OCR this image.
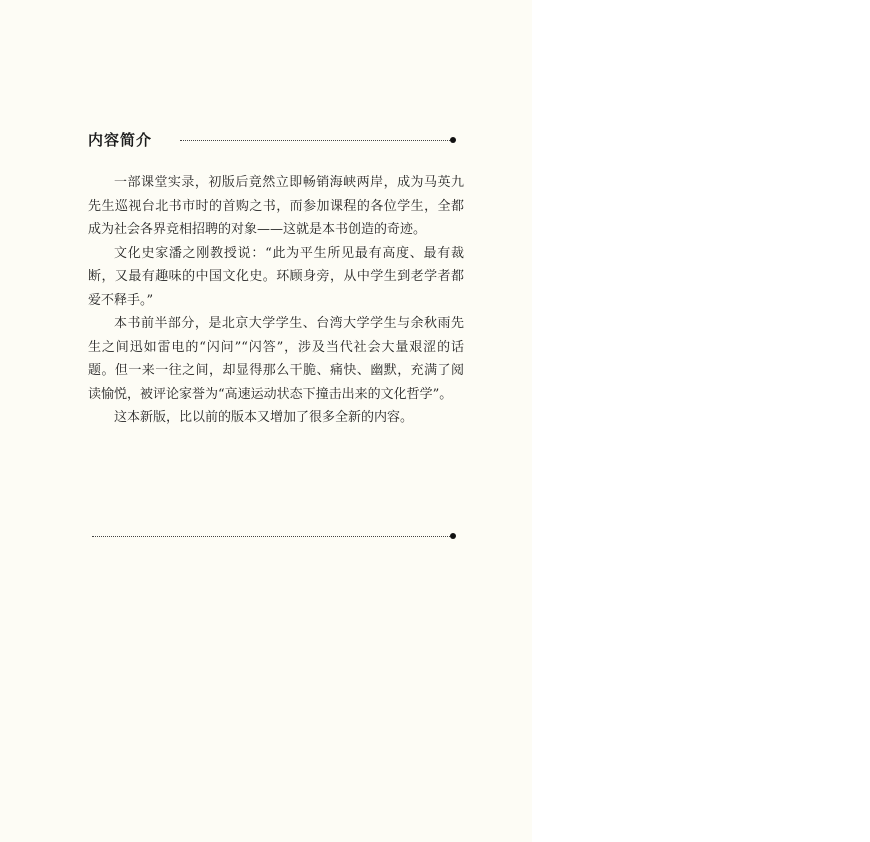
内容简介

一部课堂实录，初版后竟然立即畅销海峡两岸，成为马英九先生巡视台北书市时的首购之书，而参加课程的各位学生，全都成为社会各界竞相招聘的对象——这就是本书创造的奇迹。

文化史家潘之刚教授说：“此为平生所见最有高度、最有裁断，又最有趣味的中国文化史。环顾身旁，从中学生到老学者都爱不释手。”

本书前半部分，是北京大学学生、台湾大学学生与余秋雨先生之间迅如雷电的“闪问”“闪答”，涉及当代社会大量艰涩的话题。但一来一往之间，却显得那么干脆、痛快、幽默，充满了阅读愉悦，被评论家誉为“高速运动状态下撞击出来的文化哲学”。

这本新版，比以前的版本又增加了很多全新的内容。
